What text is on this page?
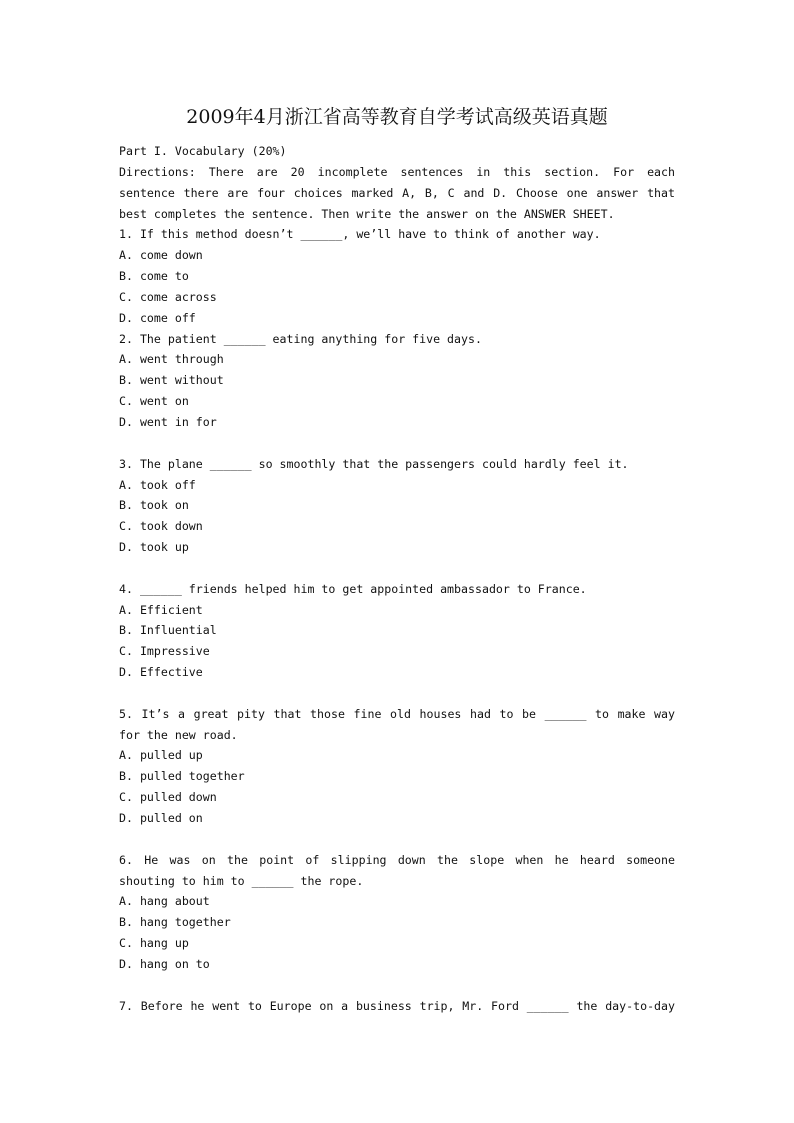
2009年4月浙江省高等教育自学考试高级英语真题
Part I. Vocabulary (20%)
Directions: There are 20 incomplete sentences in this section. For each
sentence there are four choices marked A, B, C and D. Choose one answer that
best completes the sentence. Then write the answer on the ANSWER SHEET.
1. If this method doesn’t ______, we’ll have to think of another way.
A. come down
B. come to
C. come across
D. come off
2. The patient ______ eating anything for five days.
A. went through
B. went without
C. went on
D. went in for
3. The plane ______ so smoothly that the passengers could hardly feel it.
A. took off
B. took on
C. took down
D. took up
4. ______ friends helped him to get appointed ambassador to France.
A. Efficient
B. Influential
C. Impressive
D. Effective
5. It’s a great pity that those fine old houses had to be ______ to make way
for the new road.
A. pulled up
B. pulled together
C. pulled down
D. pulled on
6. He was on the point of slipping down the slope when he heard someone
shouting to him to ______ the rope.
A. hang about
B. hang together
C. hang up
D. hang on to
7. Before he went to Europe on a business trip, Mr. Ford ______ the day-to-day
